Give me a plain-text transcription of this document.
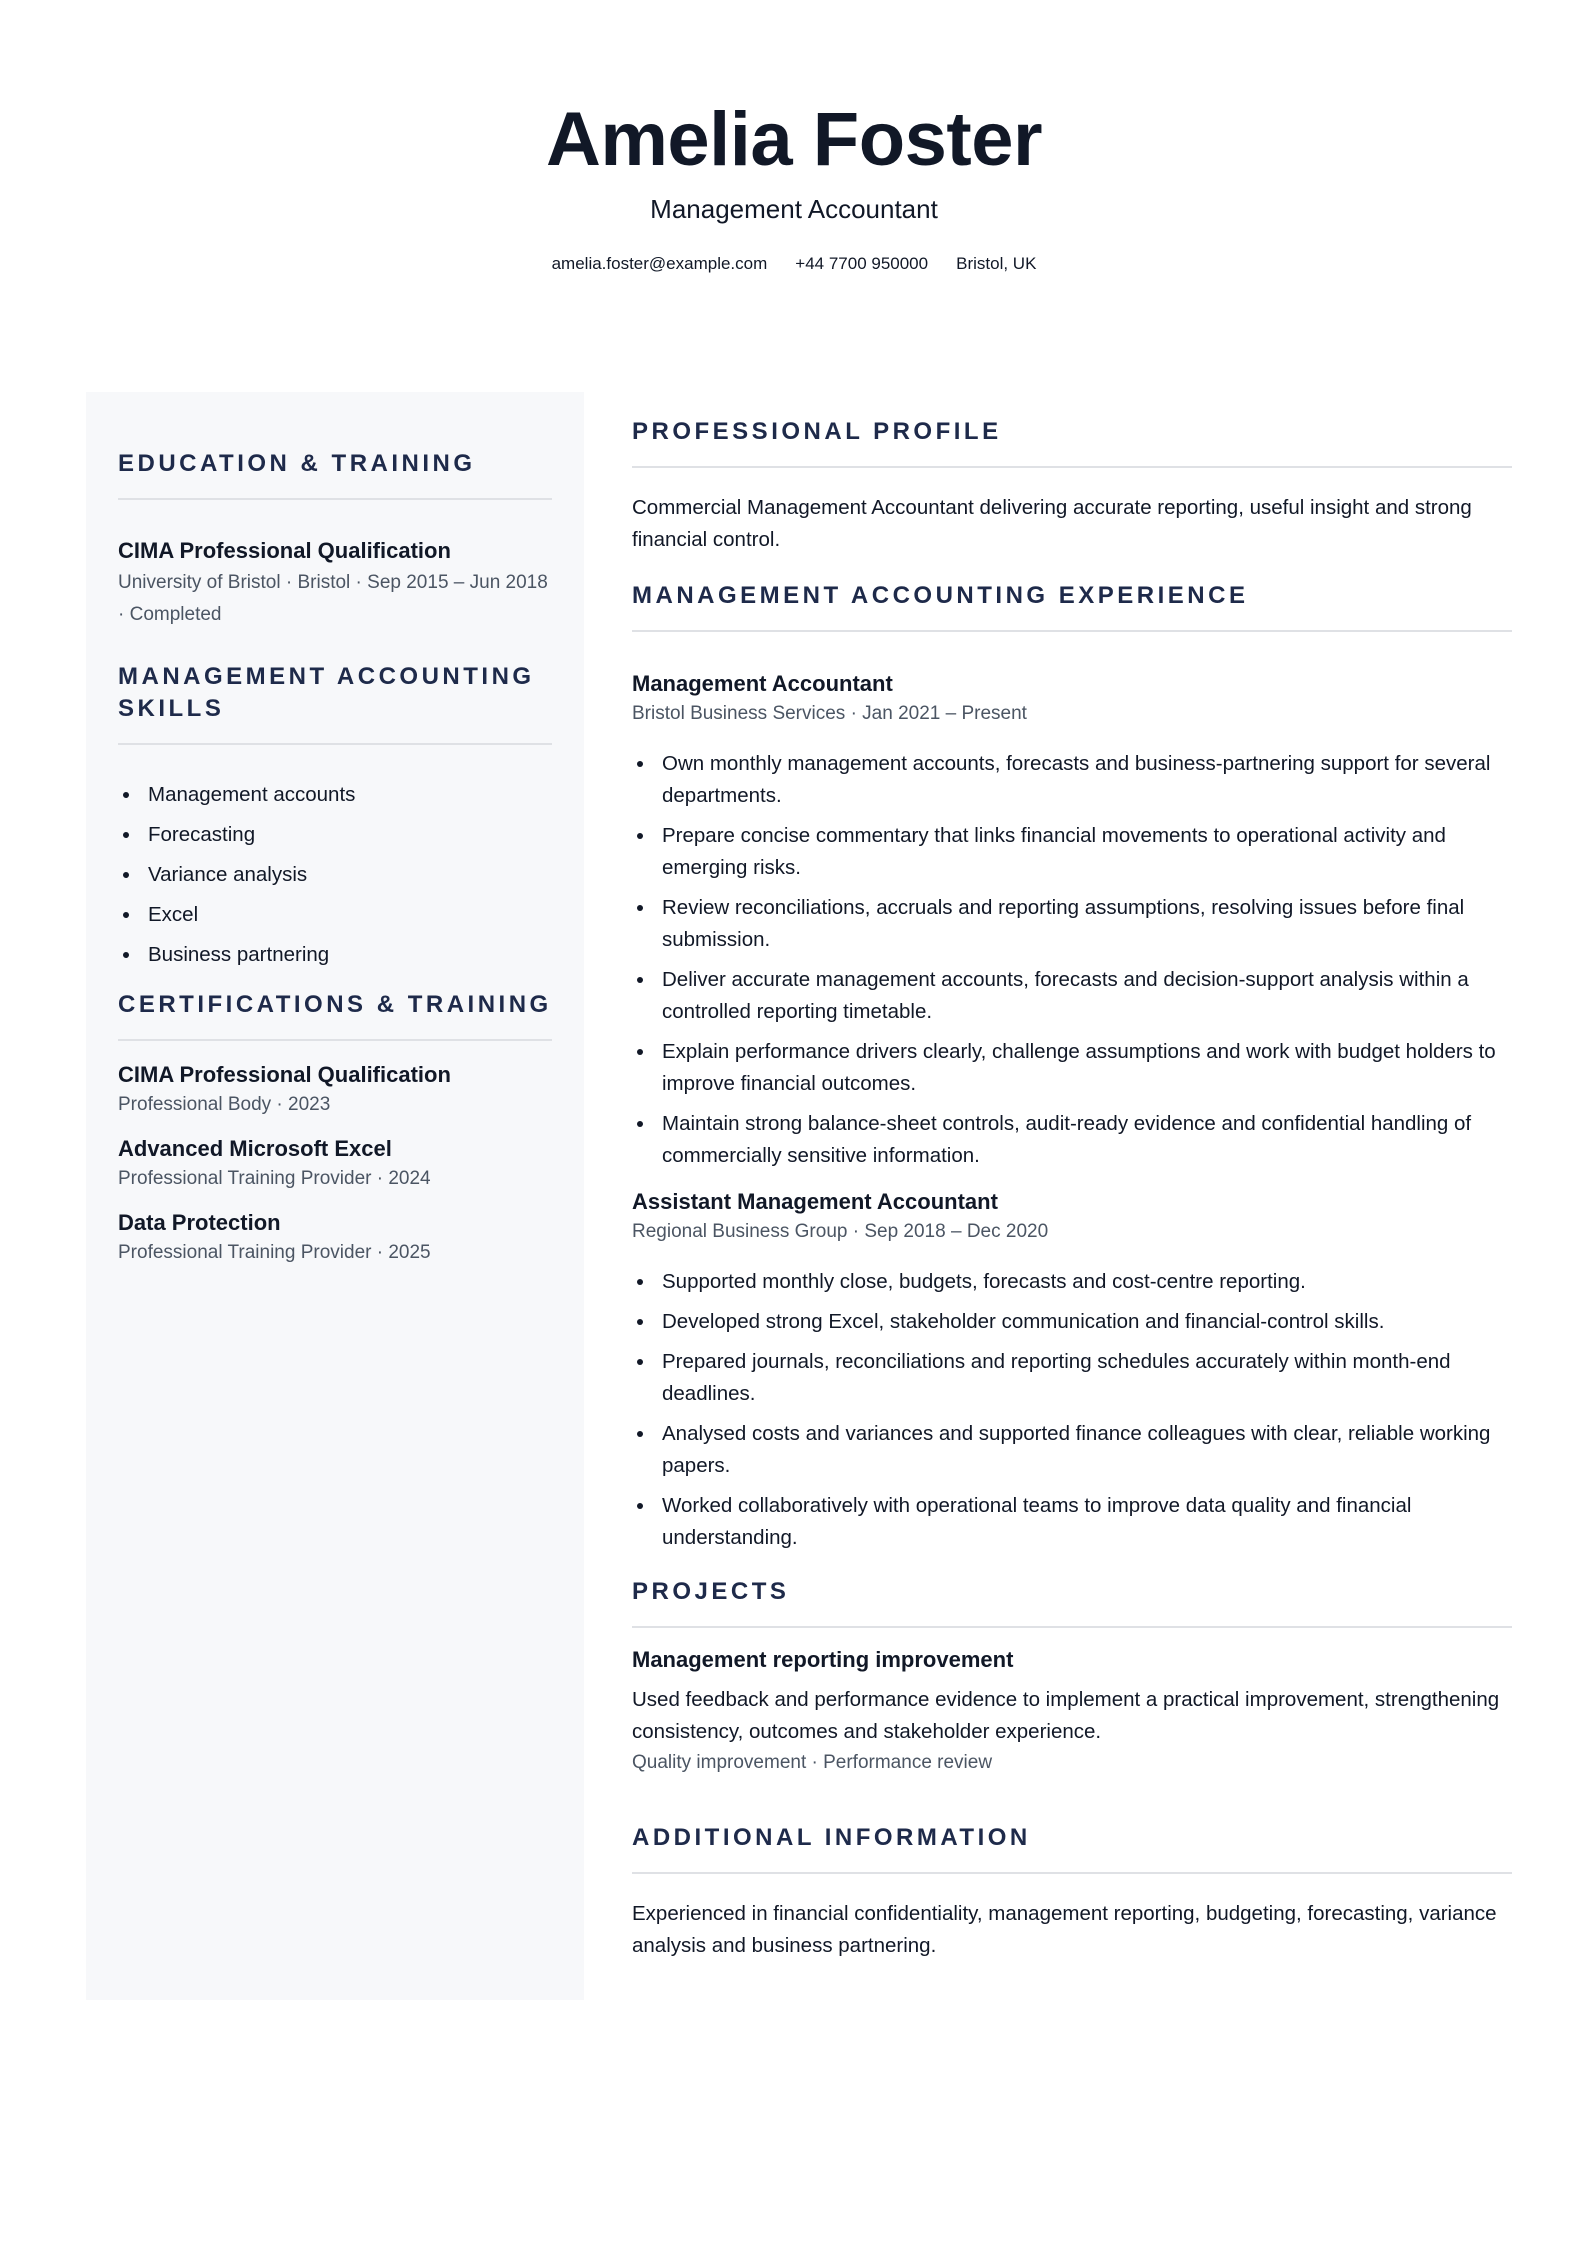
Amelia Foster
Management Accountant
amelia.foster@example.com +44 7700 950000 Bristol, UK
EDUCATION & TRAINING
CIMA Professional Qualification
University of Bristol · Bristol · Sep 2015 – Jun 2018 · Completed
MANAGEMENT ACCOUNTING SKILLS
Management accounts
Forecasting
Variance analysis
Excel
Business partnering
CERTIFICATIONS & TRAINING
CIMA Professional Qualification
Professional Body · 2023
Advanced Microsoft Excel
Professional Training Provider · 2024
Data Protection
Professional Training Provider · 2025
PROFESSIONAL PROFILE
Commercial Management Accountant delivering accurate reporting, useful insight and strong financial control.
MANAGEMENT ACCOUNTING EXPERIENCE
Management Accountant
Bristol Business Services · Jan 2021 – Present
Own monthly management accounts, forecasts and business-partnering support for several departments.
Prepare concise commentary that links financial movements to operational activity and emerging risks.
Review reconciliations, accruals and reporting assumptions, resolving issues before final submission.
Deliver accurate management accounts, forecasts and decision-support analysis within a controlled reporting timetable.
Explain performance drivers clearly, challenge assumptions and work with budget holders to improve financial outcomes.
Maintain strong balance-sheet controls, audit-ready evidence and confidential handling of commercially sensitive information.
Assistant Management Accountant
Regional Business Group · Sep 2018 – Dec 2020
Supported monthly close, budgets, forecasts and cost-centre reporting.
Developed strong Excel, stakeholder communication and financial-control skills.
Prepared journals, reconciliations and reporting schedules accurately within month-end deadlines.
Analysed costs and variances and supported finance colleagues with clear, reliable working papers.
Worked collaboratively with operational teams to improve data quality and financial understanding.
PROJECTS
Management reporting improvement
Used feedback and performance evidence to implement a practical improvement, strengthening consistency, outcomes and stakeholder experience.
Quality improvement · Performance review
ADDITIONAL INFORMATION
Experienced in financial confidentiality, management reporting, budgeting, forecasting, variance analysis and business partnering.
